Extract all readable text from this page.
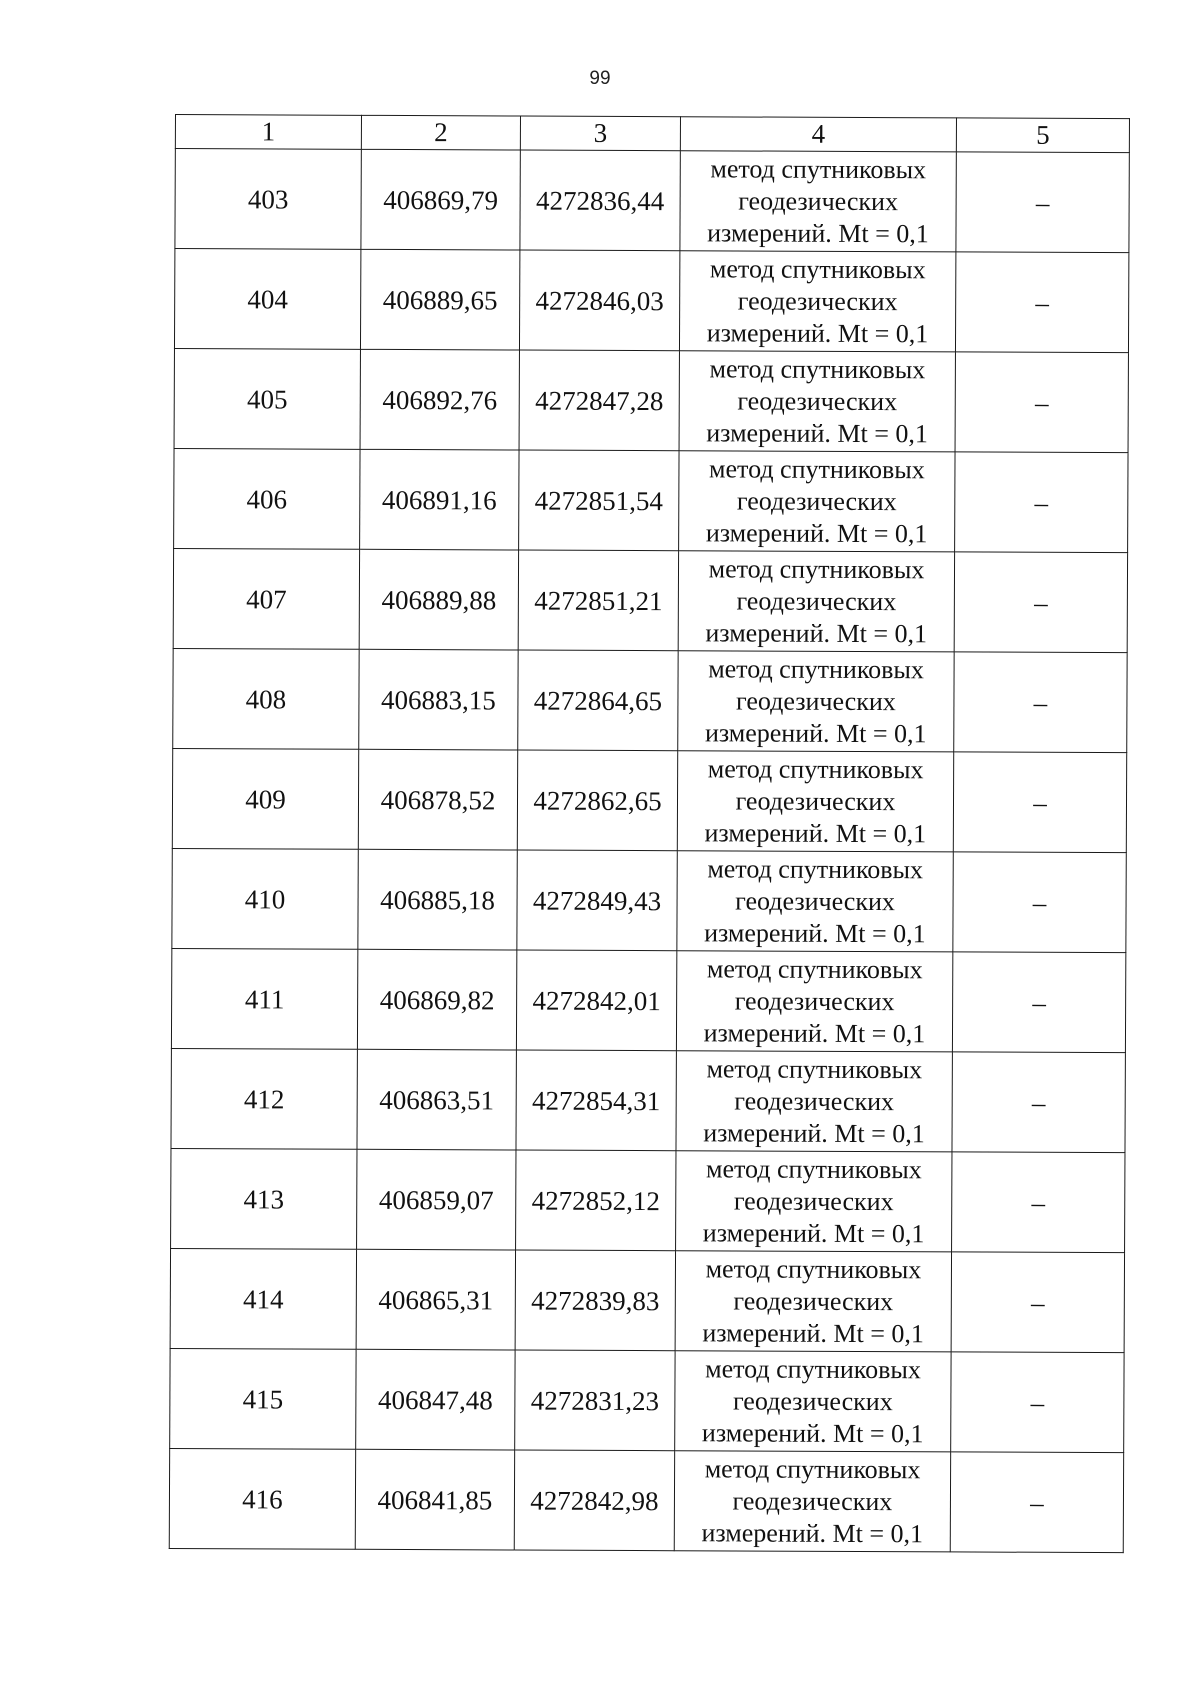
99
1	2	3	4	5
403	406869,79	4272836,44	метод спутниковых
геодезических
измерений. Mt = 0,1	–
404	406889,65	4272846,03	метод спутниковых
геодезических
измерений. Mt = 0,1	–
405	406892,76	4272847,28	метод спутниковых
геодезических
измерений. Mt = 0,1	–
406	406891,16	4272851,54	метод спутниковых
геодезических
измерений. Mt = 0,1	–
407	406889,88	4272851,21	метод спутниковых
геодезических
измерений. Mt = 0,1	–
408	406883,15	4272864,65	метод спутниковых
геодезических
измерений. Mt = 0,1	–
409	406878,52	4272862,65	метод спутниковых
геодезических
измерений. Mt = 0,1	–
410	406885,18	4272849,43	метод спутниковых
геодезических
измерений. Mt = 0,1	–
411	406869,82	4272842,01	метод спутниковых
геодезических
измерений. Mt = 0,1	–
412	406863,51	4272854,31	метод спутниковых
геодезических
измерений. Mt = 0,1	–
413	406859,07	4272852,12	метод спутниковых
геодезических
измерений. Mt = 0,1	–
414	406865,31	4272839,83	метод спутниковых
геодезических
измерений. Mt = 0,1	–
415	406847,48	4272831,23	метод спутниковых
геодезических
измерений. Mt = 0,1	–
416	406841,85	4272842,98	метод спутниковых
геодезических
измерений. Mt = 0,1	–
